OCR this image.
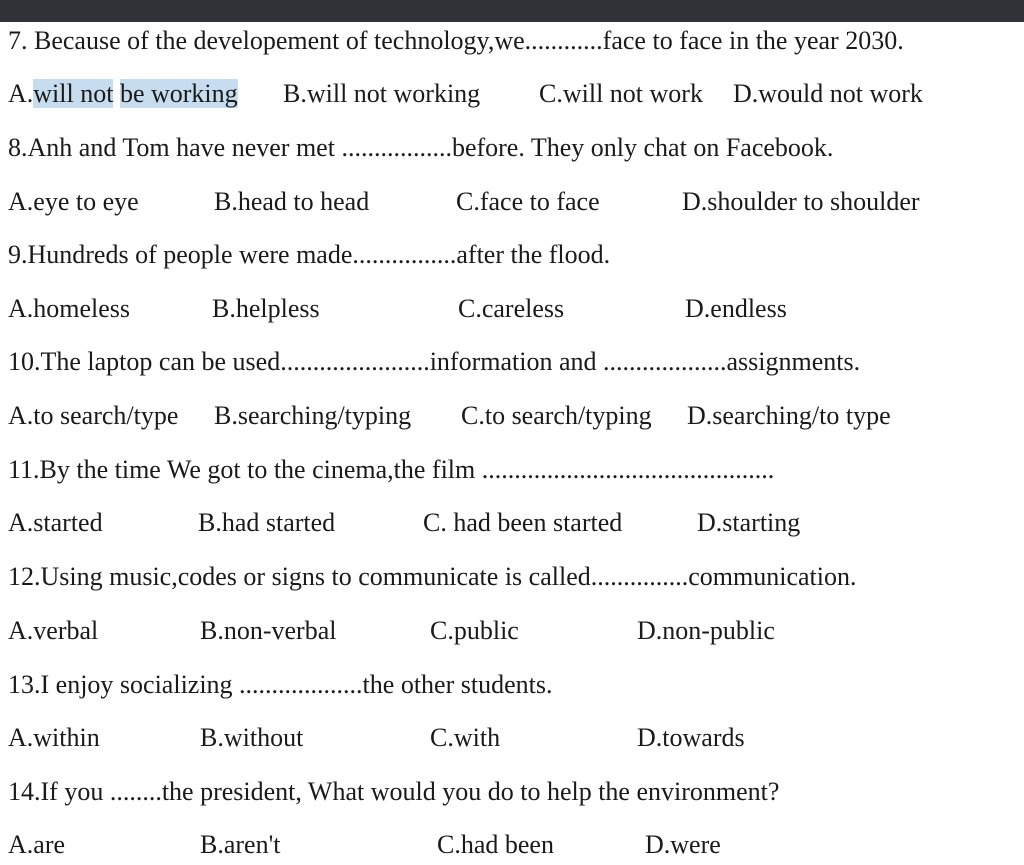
7. Because of the developement of technology,we............face to face in the year 2030.
A.will not be working B.will not working C.will not work D.would not work
8.Anh and Tom have never met .................before. They only chat on Facebook.
A.eye to eye	B.head to head	C.face to face	D.shoulder to shoulder
9.Hundreds of people were made................after the flood.
A.homeless	B.helpless	C.careless	D.endless
10.The laptop can be used.......................information and ...................assignments.
A.to search/type B.searching/typing C.to search/typing D.searching/to type
11.By the time We got to the cinema,the film .............................................
A.started	B.had started	C. had been started	D.starting
12.Using music,codes or signs to communicate is called...............communication.
A.verbal	B.non-verbal	C.public	D.non-public
13.I enjoy socializing ...................the other students.
A.within	B.without	C.with	D.towards
14.If you ........the president, What would you do to help the environment?
A.are	B.aren't	C.had been	D.were
